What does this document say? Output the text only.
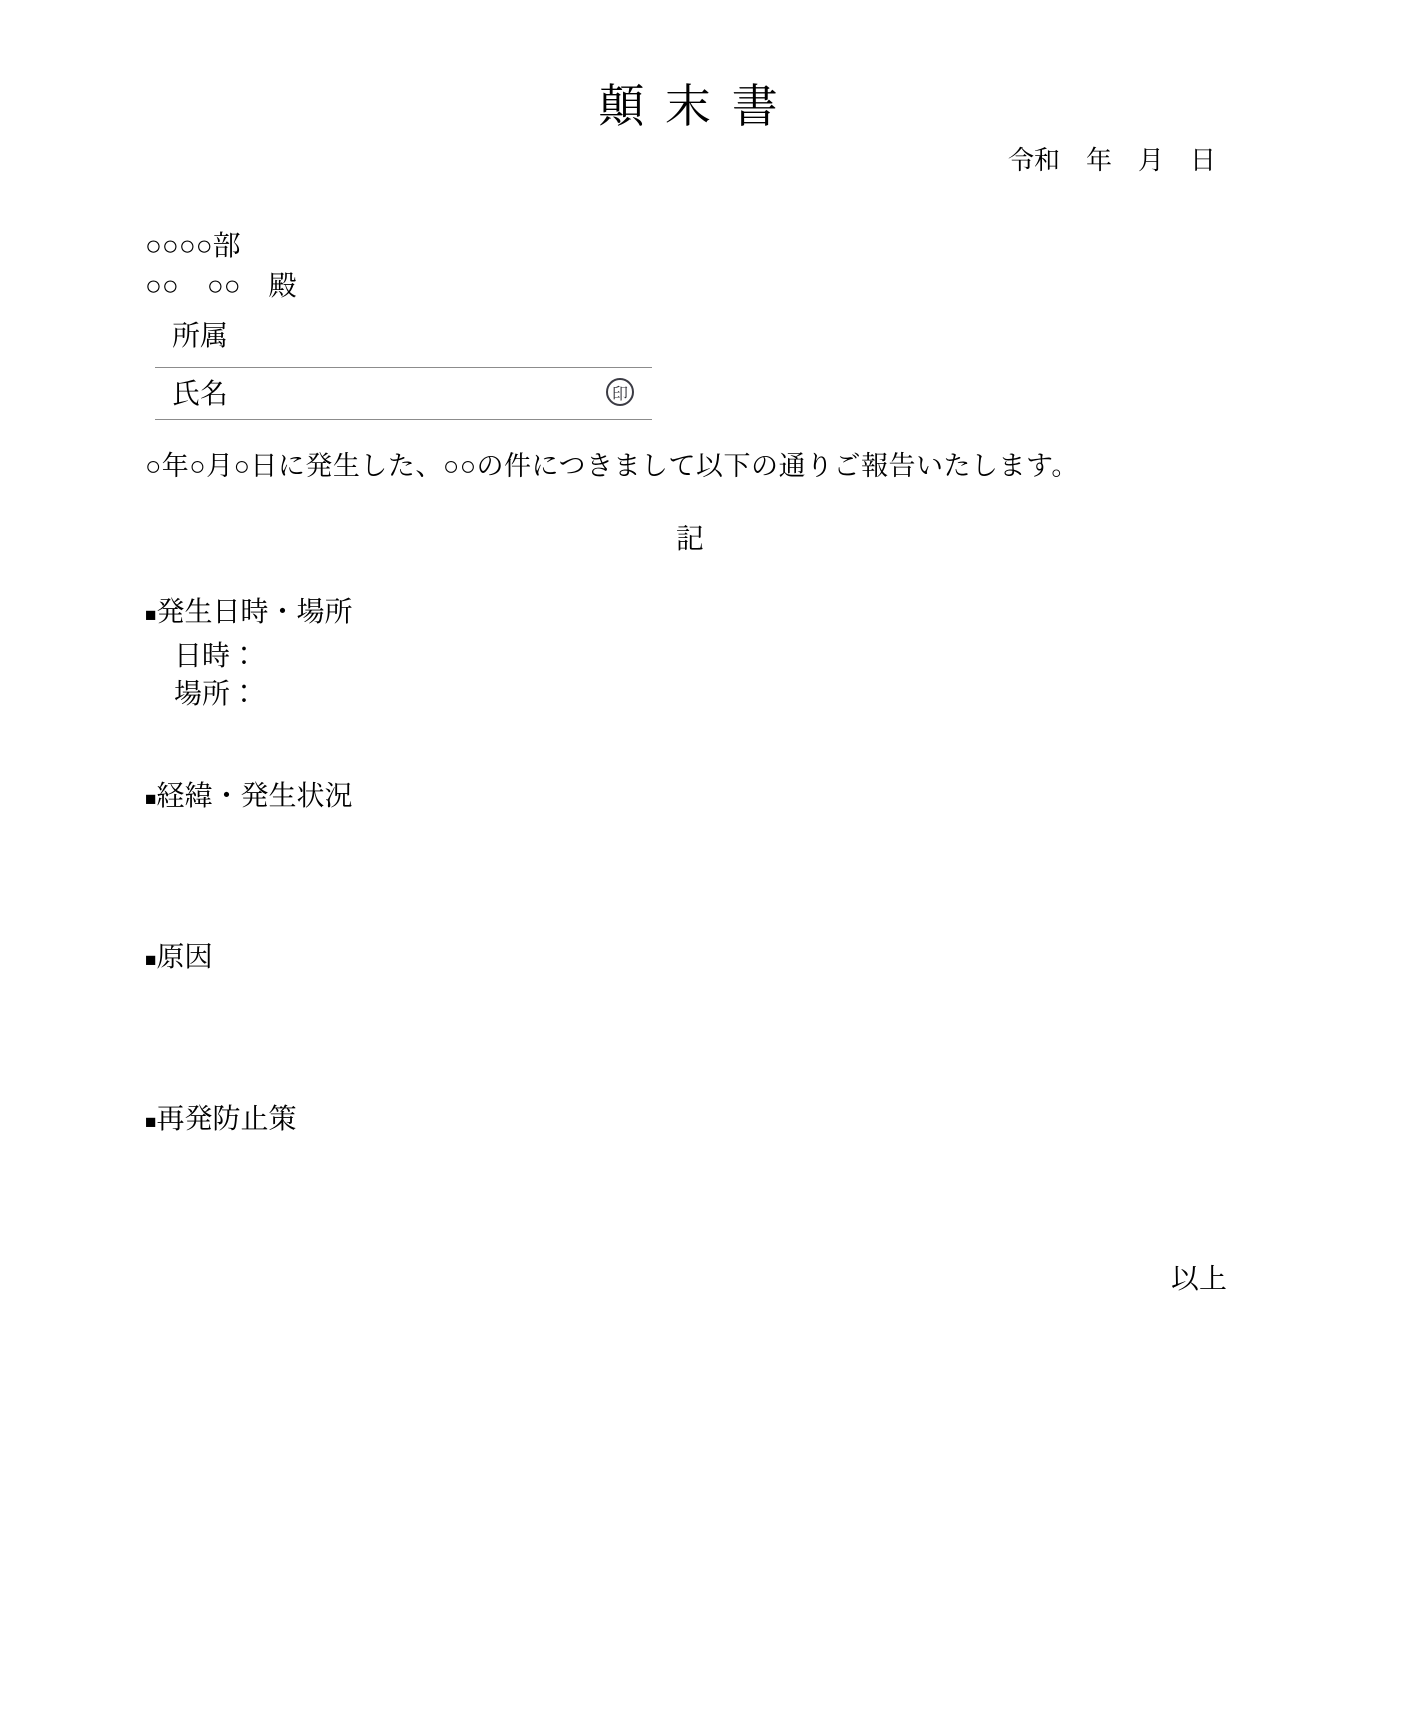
顛 末 書
令和　年　月　日
○○○○部
○○　○○　殿
所属
氏名	印
○年○月○日に発生した、○○の件につきまして以下の通りご報告いたします。
記
■発生日時・場所
日時：
場所：
■経緯・発生状況
■原因
■再発防止策
以上
